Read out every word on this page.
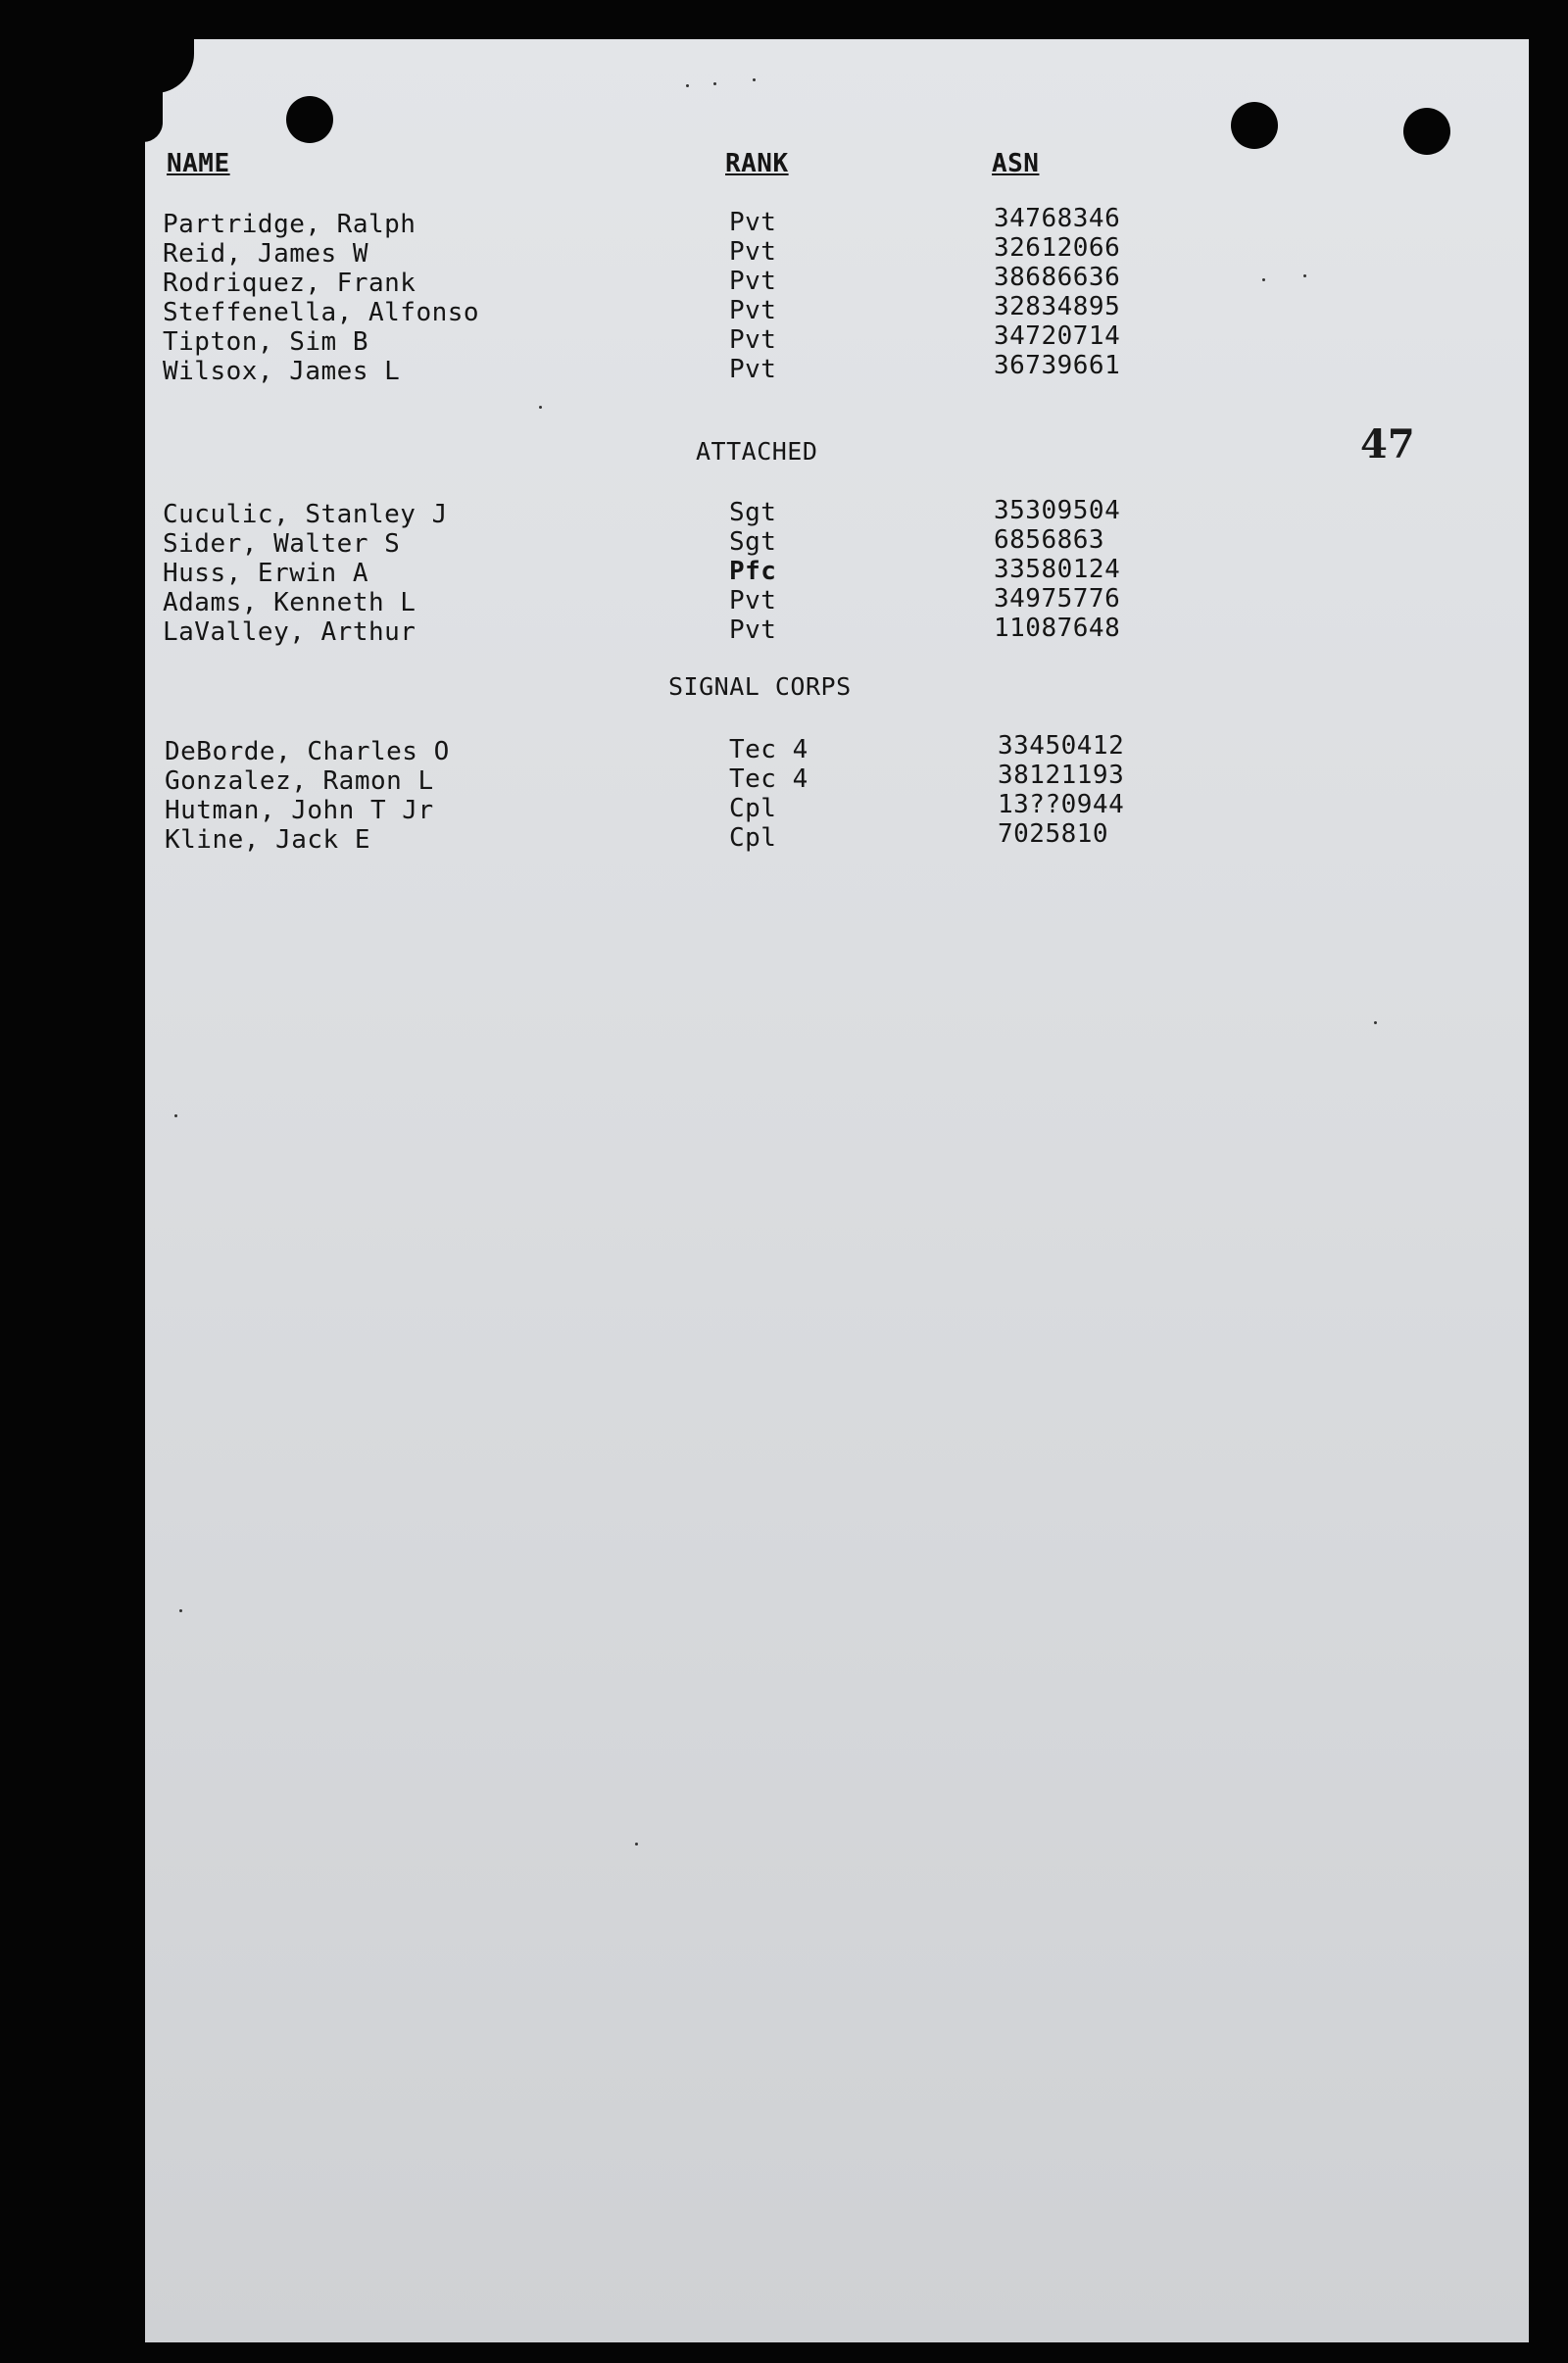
NAME	RANK	ASN
Partridge, Ralph	Pvt	34768346
Reid, James W	Pvt	32612066
Rodriquez, Frank	Pvt	38686636
Steffenella, Alfonso	Pvt	32834895
Tipton, Sim B	Pvt	34720714
Wilsox, James L	Pvt	36739661
47
ATTACHED
Cuculic, Stanley J	Sgt	35309504
Sider, Walter S	Sgt	6856863
Huss, Erwin A	Pfc	33580124
Adams, Kenneth L	Pvt	34975776
LaValley, Arthur	Pvt	11087648
SIGNAL CORPS
DeBorde, Charles O	Tec 4	33450412
Gonzalez, Ramon L	Tec 4	38121193
Hutman, John T Jr	Cpl	13??0944
Kline, Jack E	Cpl	7025810
